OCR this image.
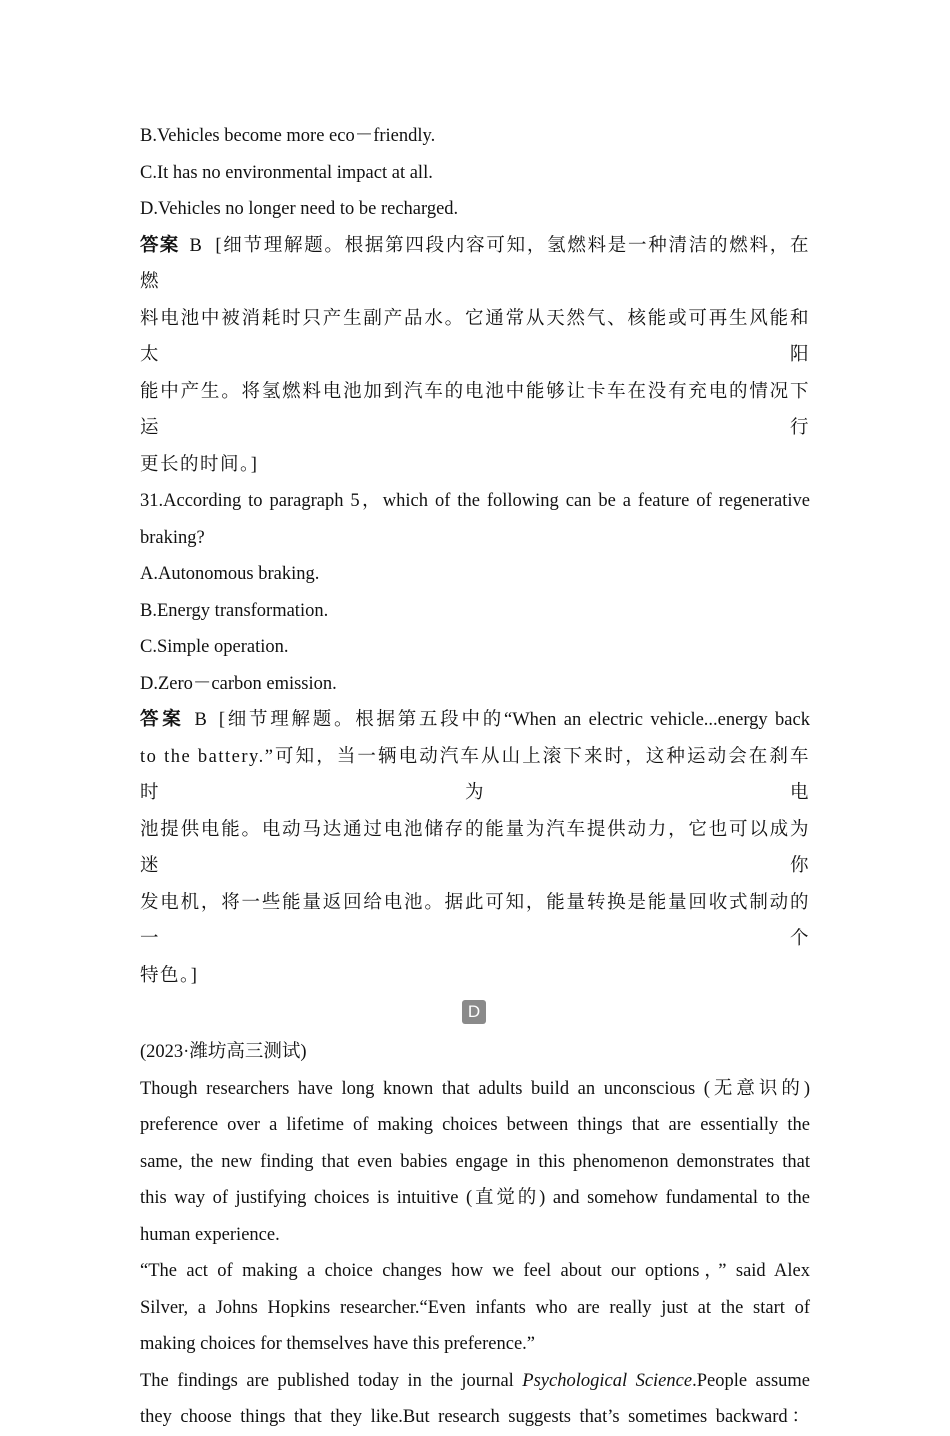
B.Vehicles become more eco－friendly.
C.It has no environmental impact at all.
D.Vehicles no longer need to be recharged.
答案 B [细节理解题。根据第四段内容可知，氢燃料是一种清洁的燃料，在燃
料电池中被消耗时只产生副产品水。它通常从天然气、核能或可再生风能和太阳
能中产生。将氢燃料电池加到汽车的电池中能够让卡车在没有充电的情况下运行
更长的时间。]
31.According to paragraph 5，which of the following can be a feature of regenerative
braking?
A.Autonomous braking.
B.Energy transformation.
C.Simple operation.
D.Zero－carbon emission.
答案 B [细节理解题。根据第五段中的“When an electric vehicle...energy back
to the battery.”可知，当一辆电动汽车从山上滚下来时，这种运动会在刹车时为电
池提供电能。电动马达通过电池储存的能量为汽车提供动力，它也可以成为迷你
发电机，将一些能量返回给电池。据此可知，能量转换是能量回收式制动的一个
特色。]
D
(2023·潍坊高三测试)
Though researchers have long known that adults build an unconscious (无意识的)
preference over a lifetime of making choices between things that are essentially the
same, the new finding that even babies engage in this phenomenon demonstrates that
this way of justifying choices is intuitive (直觉的) and somehow fundamental to the
human experience.
“The act of making a choice changes how we feel about our options，” said Alex
Silver, a Johns Hopkins researcher.“Even infants who are really just at the start of
making choices for themselves have this preference.”
The findings are published today in the journal Psychological Science.People assume
they choose things that they like.But research suggests that’s sometimes backward：
